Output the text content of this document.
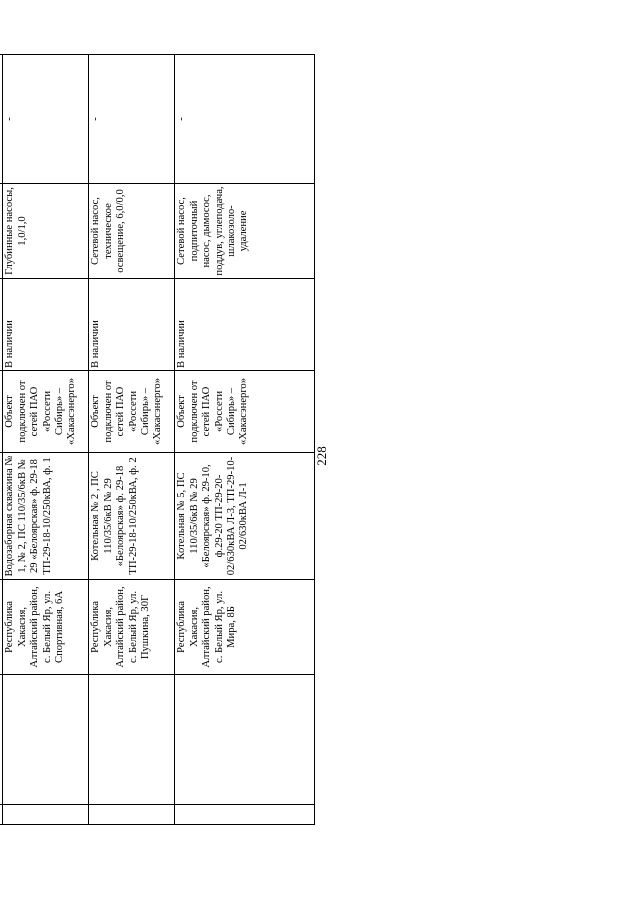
228

		Республика Хакасия, Алтайский район, с. Белый Яр, ул. Спортивная, 6А	Водозаборная скважина № 1, № 2, ПС 110/35/6кВ № 29 «Белоярская» ф. 29-18 ТП-29-18-10/250кВА, ф. 1	Объект подключен от сетей ПАО «Россети Сибирь» – «Хакасэнерго»	В наличии	Глубинные насосы, 1,0/1,0	-
		Республика Хакасия, Алтайский район, с. Белый Яр, ул. Пушкина, 30Г	Котельная № 2 , ПС 110/35/6кВ № 29 «Белоярская» ф. 29-18 ТП-29-18-10/250кВА, ф. 2	Объект подключен от сетей ПАО «Россети Сибирь» – «Хакасэнерго»	В наличии	Сетевой насос, техническое освещение, 6,0/0,0	-
		Республика Хакасия, Алтайский район, с. Белый Яр, ул. Мира, 8Б	Котельная № 5, ПС 110/35/6кВ № 29 «Белоярская» ф. 29-10, ф.29-20 ТП-29-20-02/630кВА Л-3, ТП-29-10-02/630кВА Л-1	Объект подключен от сетей ПАО «Россети Сибирь» – «Хакасэнерго»	В наличии	Сетевой насос, подпиточный насос, дымосос, поддув, углеподача, шлакозоло-удаление	-
